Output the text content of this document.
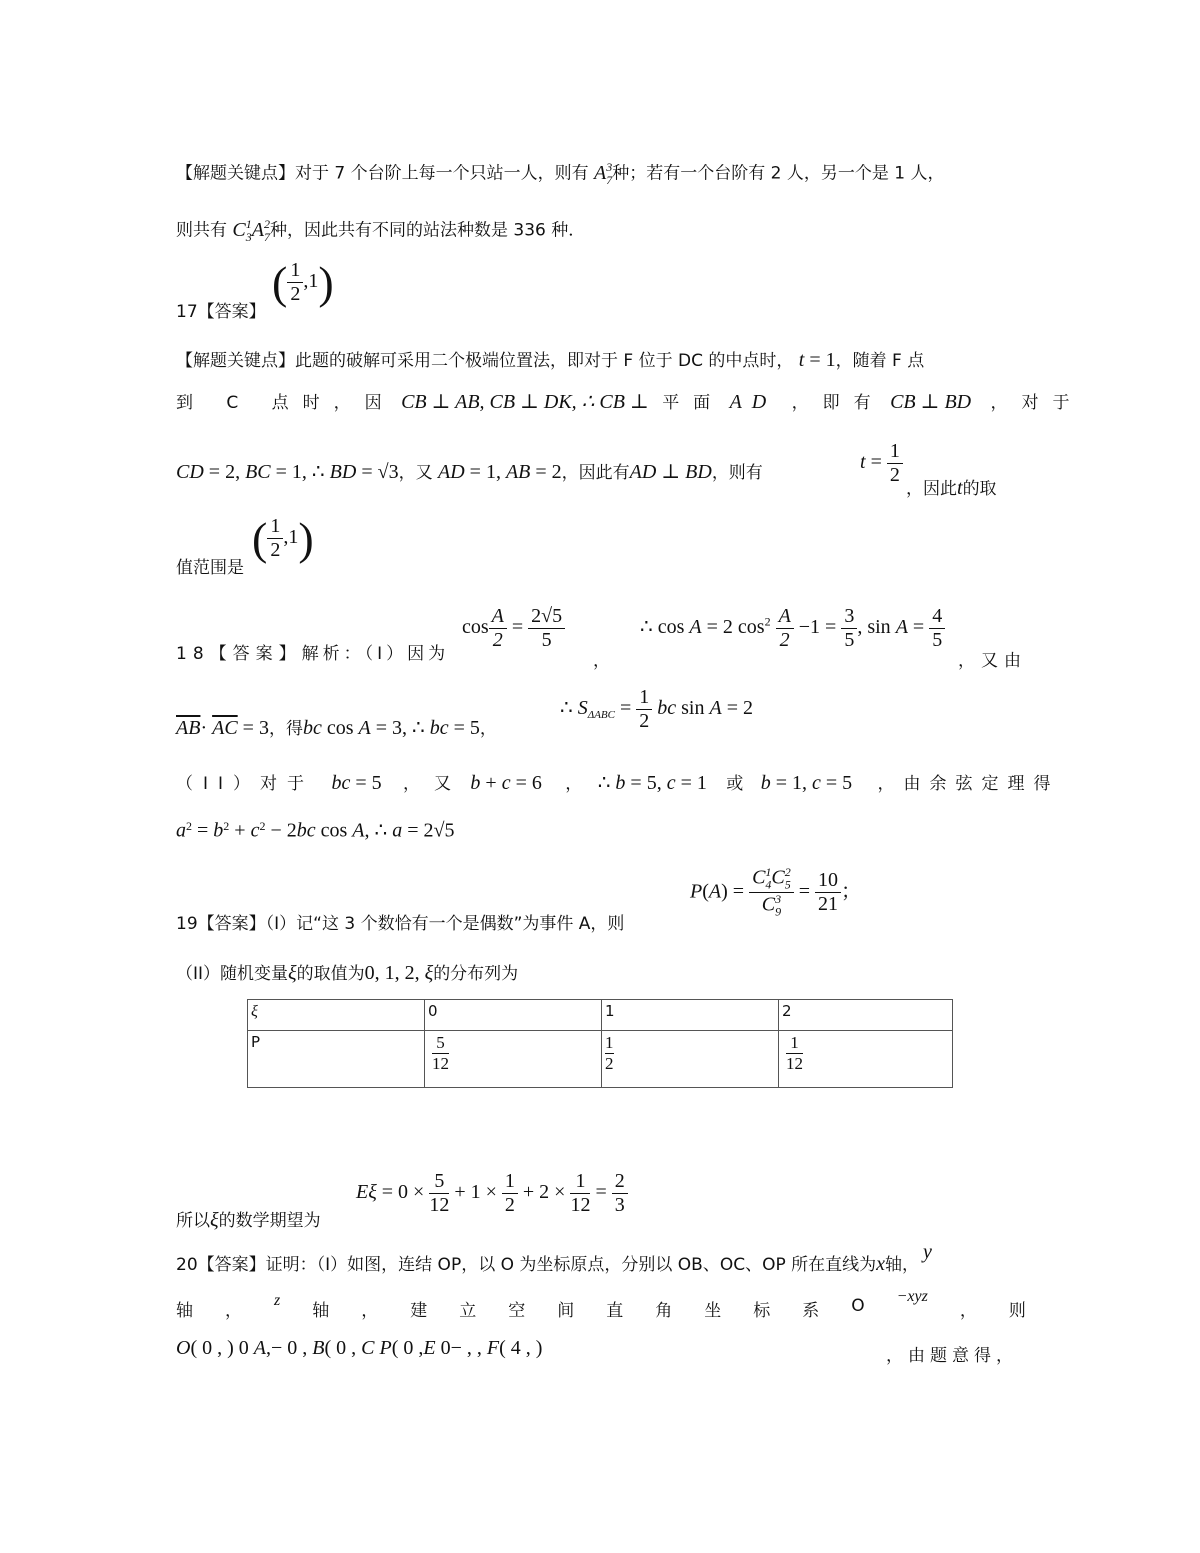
【解题关键点】对于 7 个台阶上每一个只站一人，则有 $A_7^3$种；若有一个台阶有 2 人，另一个是 1 人，
则共有 $C_3^1A_7^2$种，因此共有不同的站法种数是 336 种．
( $\frac{1}{2} ,1$)
17【答案】
【解题关键点】此题的破解可采用二个极端位置法，即对于 F 位于 DC 的中点时， t = 1，随着 F 点
到 C 点时，因 CB ⊥ AB, CB ⊥ DK, ∴ CB ⊥ 平面 AD ，即有 CB ⊥ BD ，对于
CD = 2, BC = 1, ∴ BD = √3，又 AD = 1, AB = 2，因此有AD ⊥ BD，则有	$t = \frac{1}{2}$
，因此t的取
( $\frac{1}{2} ,1$)
值范围是
$\cos \frac{A}{2} = \frac{2√5}{5}$	∴ cos A = 2 $\cos^2 \frac{A}{2} -1 = \frac{3}{5}$ , $\sin A = \frac{4}{5}$
18【答案】解析：（I）因为	，	，又由
$\overline{AB}\cdot \overline{AC} = 3$，得bc cos A = 3, ∴ bc = 5，
∴ $S_{\Delta ABC} = \frac{1}{2}$ bc sin A = 2
（II）对于 bc = 5 ，又 b + c = 6 ， ∴ b = 5, c = 1 或 b = 1, c = 5 ，由余弦定理得
$a^2 = b^2 + c^2 - 2bc$ cos A, ∴ a = 2√5
$P(A) = \frac{C_4^1C_5^2}{C_9^3} = \frac{10}{21}$ ；
19【答案】（I）记“这 3 个数恰有一个是偶数”为事件 A，则
（II）随机变量ξ的取值为0, 1, 2, ξ的分布列为
ξ	0	1	2
P	$\frac{5}{12}$	$\frac{1}{2}$	$\frac{1}{12}$
$E\xi = 0 \times \frac{5}{12} + 1 \times \frac{1}{2} + 2 \times \frac{1}{12} = \frac{2}{3}$
所以ξ的数学期望为
20【答案】证明：（I）如图，连结 OP，以 O 为坐标原点，分别以 OB、OC、OP 所在直线为x轴，y
轴 ，
z
轴 ， 建 立 空 间 直 角 坐 标 系 O −xyz
， 则
O( 0 , ) 0 A,− 0 , B( 0 , C P( 0 ,E 0− , , F( 4 , )	，由题意得，
